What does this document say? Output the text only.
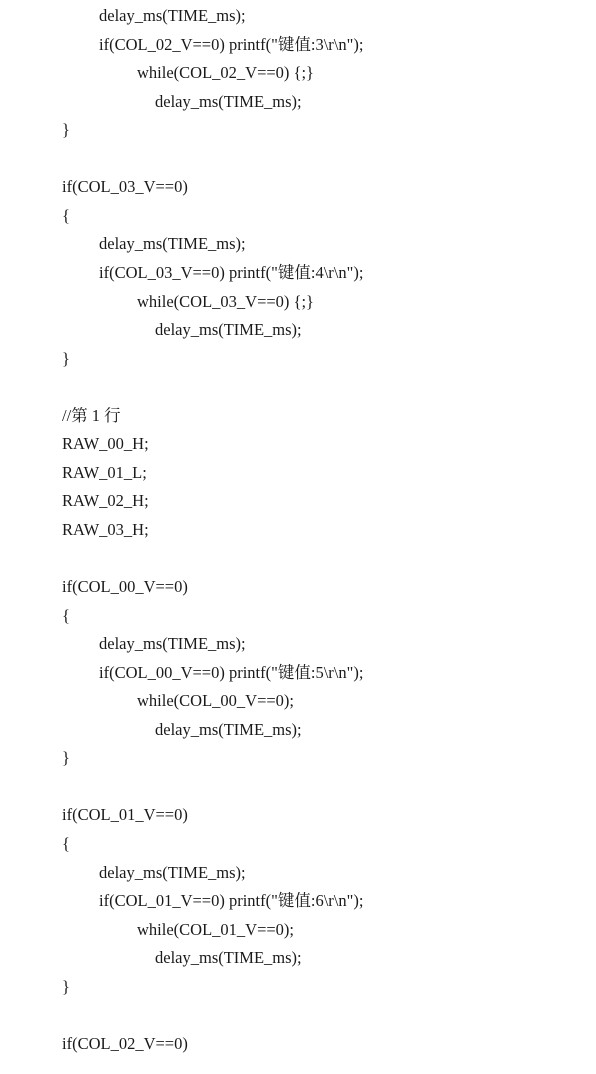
delay_ms(TIME_ms);
if(COL_02_V==0) printf("键值:3\r\n");
while(COL_02_V==0) {;}
delay_ms(TIME_ms);
}
if(COL_03_V==0)
{
delay_ms(TIME_ms);
if(COL_03_V==0) printf("键值:4\r\n");
while(COL_03_V==0) {;}
delay_ms(TIME_ms);
}
//第 1 行
RAW_00_H;
RAW_01_L;
RAW_02_H;
RAW_03_H;
if(COL_00_V==0)
{
delay_ms(TIME_ms);
if(COL_00_V==0) printf("键值:5\r\n");
while(COL_00_V==0);
delay_ms(TIME_ms);
}
if(COL_01_V==0)
{
delay_ms(TIME_ms);
if(COL_01_V==0) printf("键值:6\r\n");
while(COL_01_V==0);
delay_ms(TIME_ms);
}
if(COL_02_V==0)
